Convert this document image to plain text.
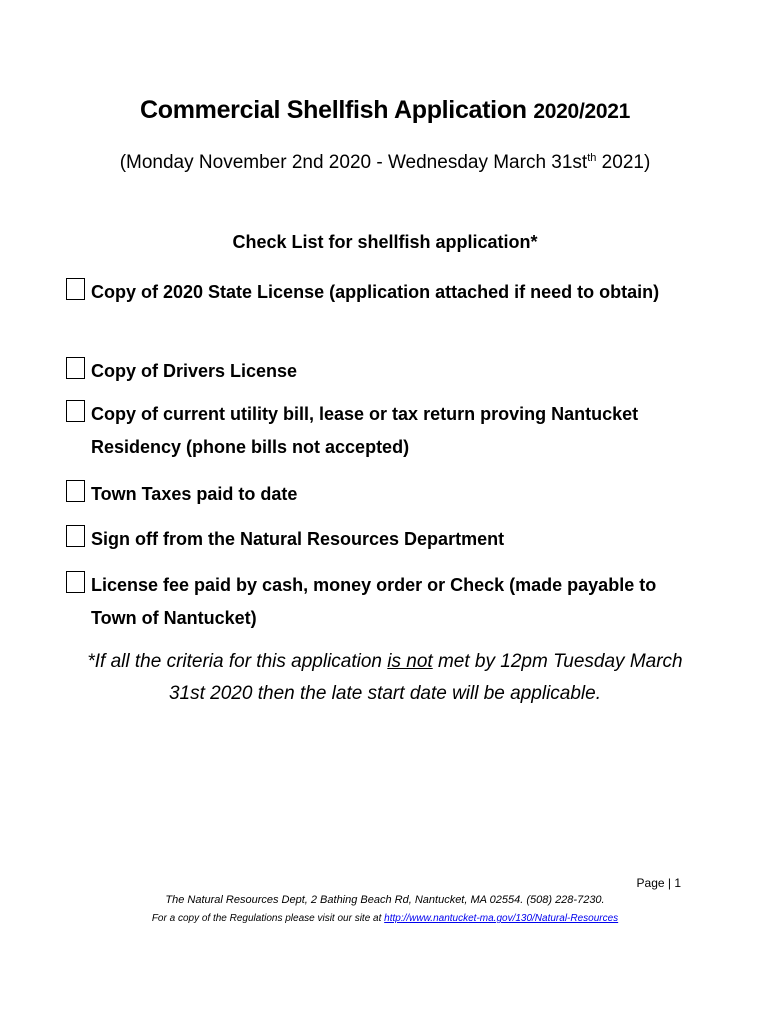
Commercial Shellfish Application 2020/2021
(Monday November 2nd 2020 - Wednesday March $31st^{th}$ 2021)
Check List for shellfish application*
Copy of 2020 State License (application attached if need to obtain)
Copy of Drivers License
Copy of current utility bill, lease or tax return proving Nantucket Residency (phone bills not accepted)
Town Taxes paid to date
Sign off from the Natural Resources Department
License fee paid by cash, money order or Check (made payable to Town of Nantucket)
*If all the criteria for this application is not met by 12pm Tuesday March 31st 2020 then the late start date will be applicable.
Page | 1
The Natural Resources Dept, 2 Bathing Beach Rd, Nantucket, MA 02554. (508) 228-7230.
For a copy of the Regulations please visit our site at http://www.nantucket-ma.gov/130/Natural-Resources
